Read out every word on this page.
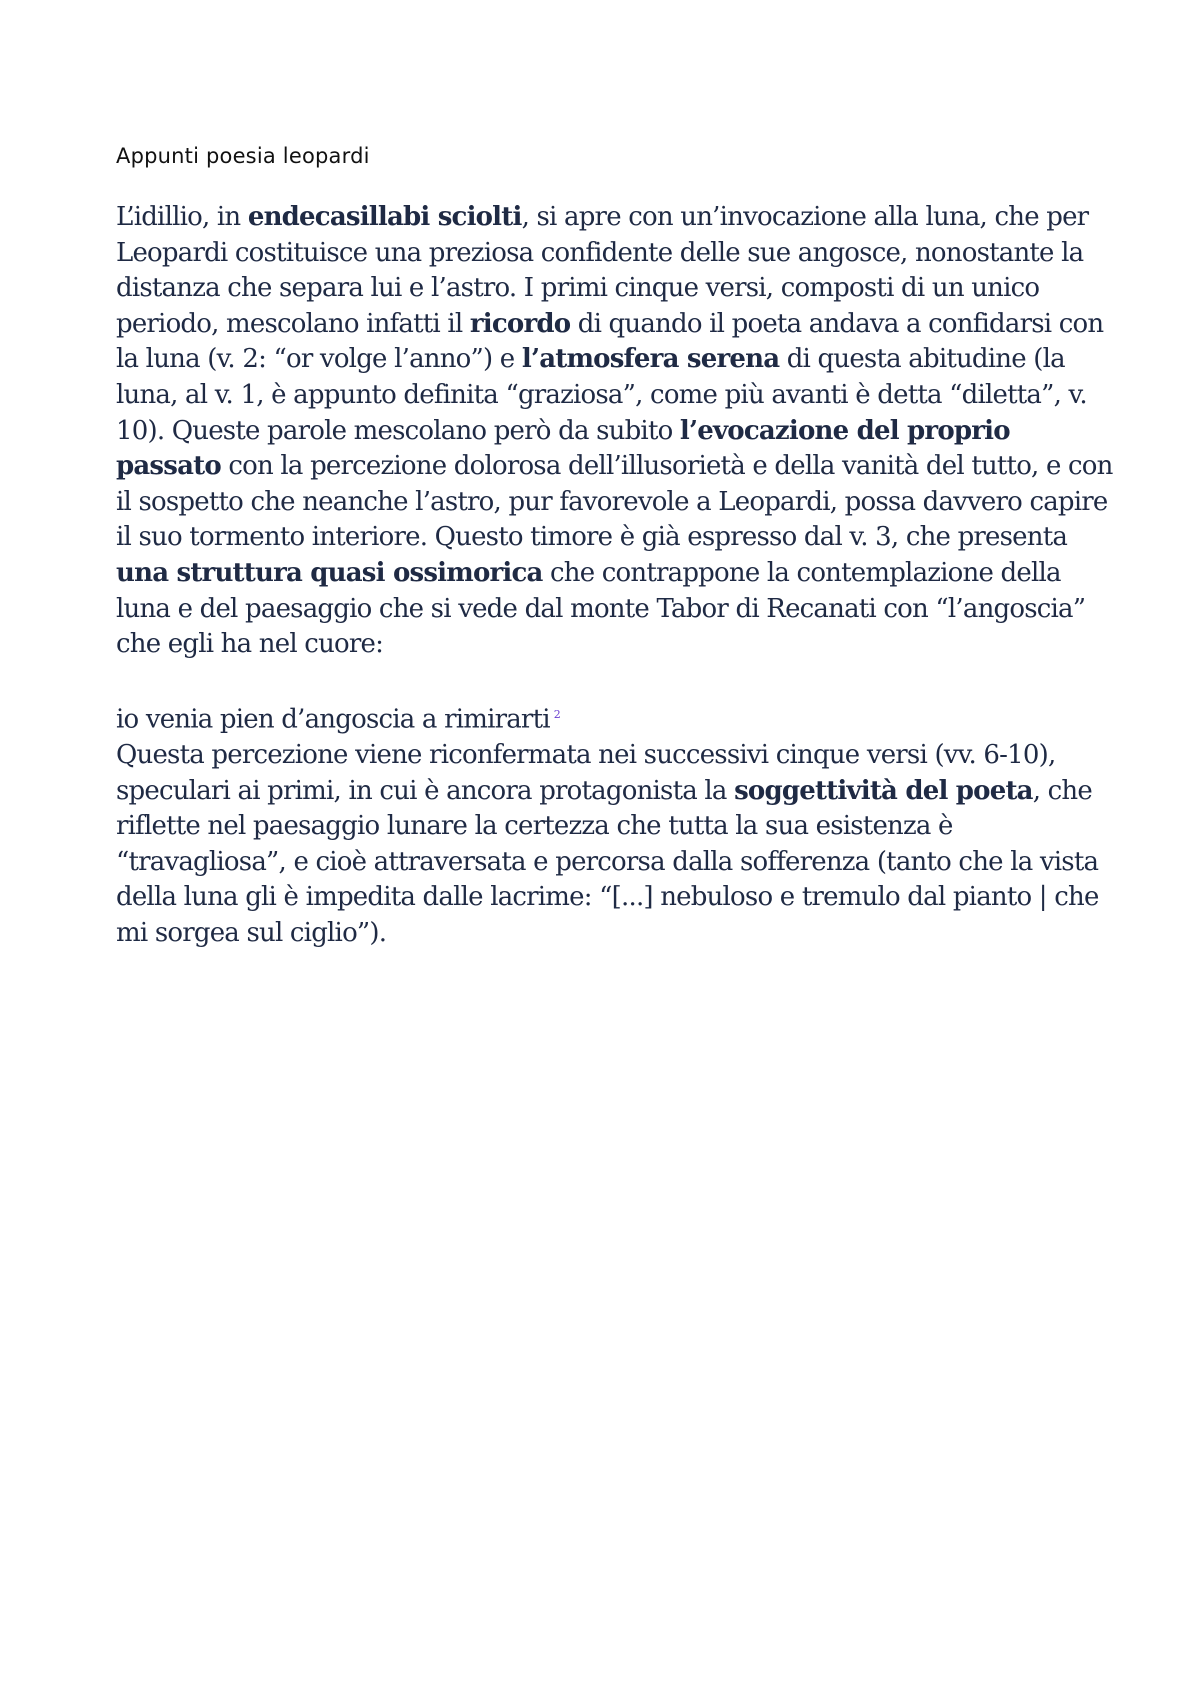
Appunti poesia leopardi

L’idillio, in endecasillabi sciolti, si apre con un’invocazione alla luna, che per Leopardi costituisce una preziosa confidente delle sue angosce, nonostante la distanza che separa lui e l’astro. I primi cinque versi, composti di un unico periodo, mescolano infatti il ricordo di quando il poeta andava a confidarsi con la luna (v. 2: “or volge l’anno”) e l’atmosfera serena di questa abitudine (la luna, al v. 1, è appunto definita “graziosa”, come più avanti è detta “diletta”, v. 10). Queste parole mescolano però da subito l’evocazione del proprio passato con la percezione dolorosa dell’illusorietà e della vanità del tutto, e con il sospetto che neanche l’astro, pur favorevole a Leopardi, possa davvero capire il suo tormento interiore. Questo timore è già espresso dal v. 3, che presenta una struttura quasi ossimorica che contrappone la contemplazione della luna e del paesaggio che si vede dal monte Tabor di Recanati con “l’angoscia” che egli ha nel cuore:

io venia pien d’angoscia a rimirarti $^2$

Questa percezione viene riconfermata nei successivi cinque versi (vv. 6-10), speculari ai primi, in cui è ancora protagonista la soggettività del poeta, che riflette nel paesaggio lunare la certezza che tutta la sua esistenza è “travagliosa”, e cioè attraversata e percorsa dalla sofferenza (tanto che la vista della luna gli è impedita dalle lacrime: “[...] nebuloso e tremulo dal pianto | che mi sorgea sul ciglio”).
